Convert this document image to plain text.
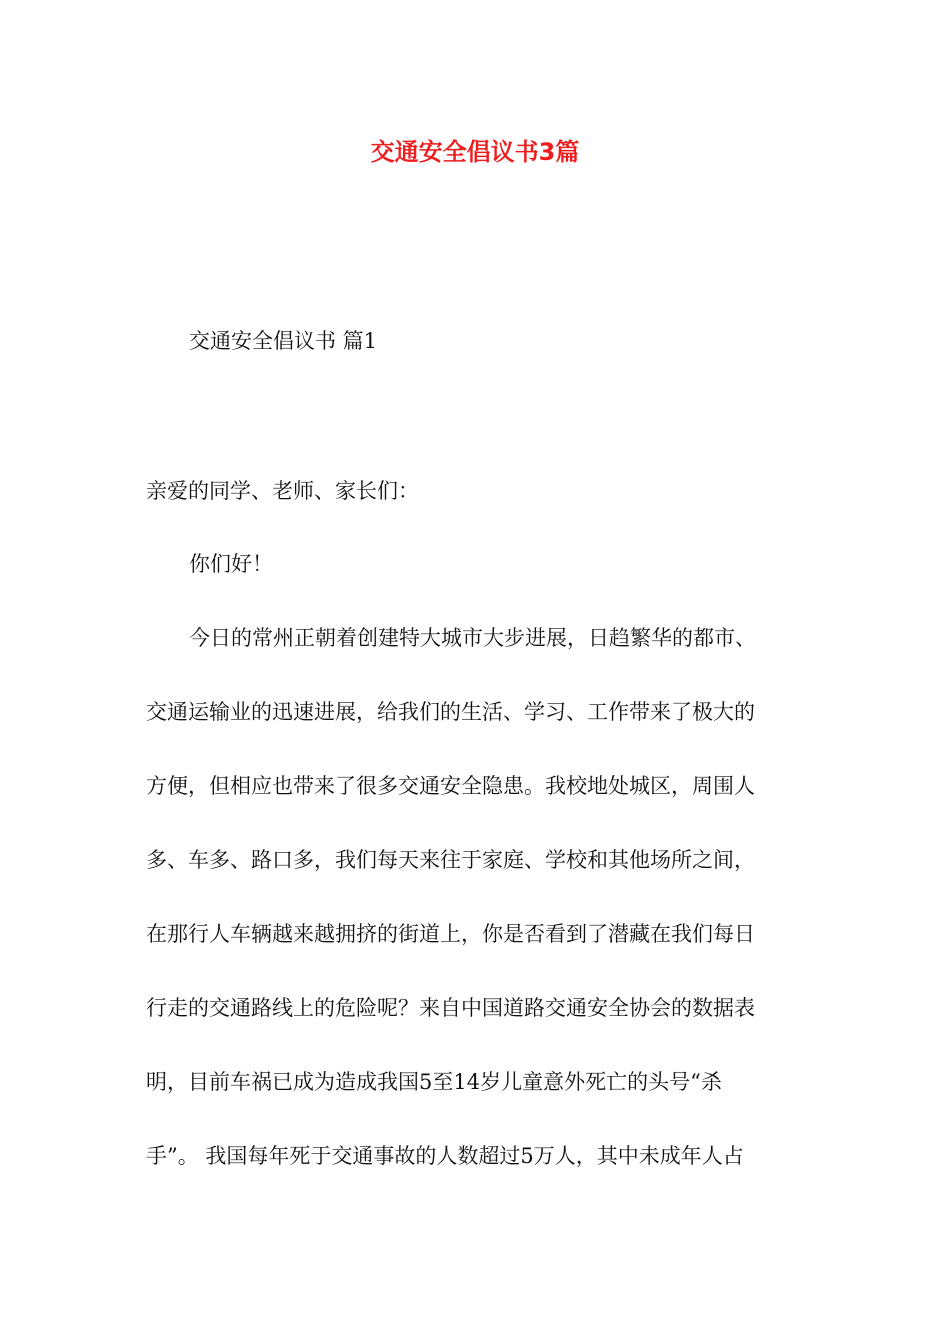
交通安全倡议书3篇
交通安全倡议书 篇1
亲爱的同学、老师、家长们：
你们好！
今日的常州正朝着创建特大城市大步进展，日趋繁华的都市、
交通运输业的迅速进展，给我们的生活、学习、工作带来了极大的
方便，但相应也带来了很多交通安全隐患。我校地处城区，周围人
多、车多、路口多，我们每天来往于家庭、学校和其他场所之间，
在那行人车辆越来越拥挤的街道上，你是否看到了潜藏在我们每日
行走的交通路线上的危险呢？来自中国道路交通安全协会的数据表
明，目前车祸已成为造成我国5至14岁儿童意外死亡的头号“杀
手”。 我国每年死于交通事故的人数超过5万人，其中未成年人占
